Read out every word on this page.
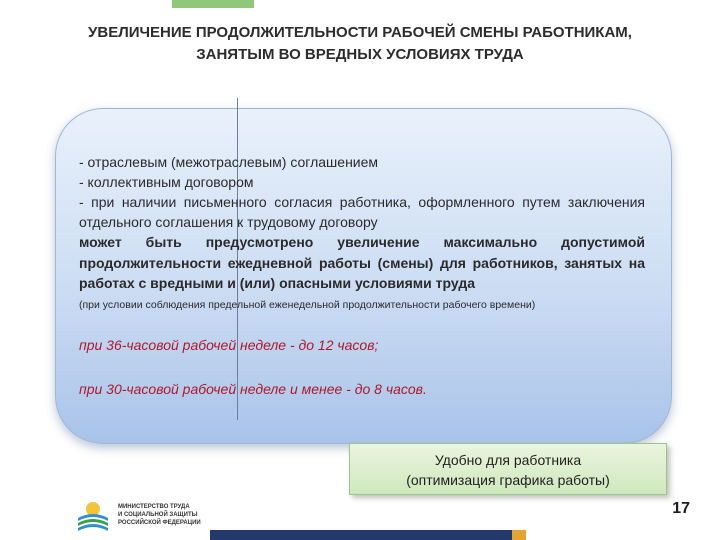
УВЕЛИЧЕНИЕ ПРОДОЛЖИТЕЛЬНОСТИ РАБОЧЕЙ СМЕНЫ РАБОТНИКАМ,
ЗАНЯТЫМ ВО ВРЕДНЫХ УСЛОВИЯХ ТРУДА
- отраслевым (межотраслевым) соглашением
- коллективным договором
- при наличии письменного согласия работника, оформленного путем заключения отдельного соглашения к трудовому договору
может быть предусмотрено увеличение максимально допустимой продолжительности ежедневной работы (смены) для работников, занятых на работах с вредными и (или) опасными условиями труда
(при условии соблюдения предельной еженедельной продолжительности рабочего времени)
при 36-часовой рабочей неделе - до 12 часов;
при 30-часовой рабочей неделе и менее - до 8 часов.
Удобно для работника
(оптимизация графика работы)
МИНИСТЕРСТВО ТРУДА
И СОЦИАЛЬНОЙ ЗАЩИТЫ
РОССИЙСКОЙ ФЕДЕРАЦИИ
17
